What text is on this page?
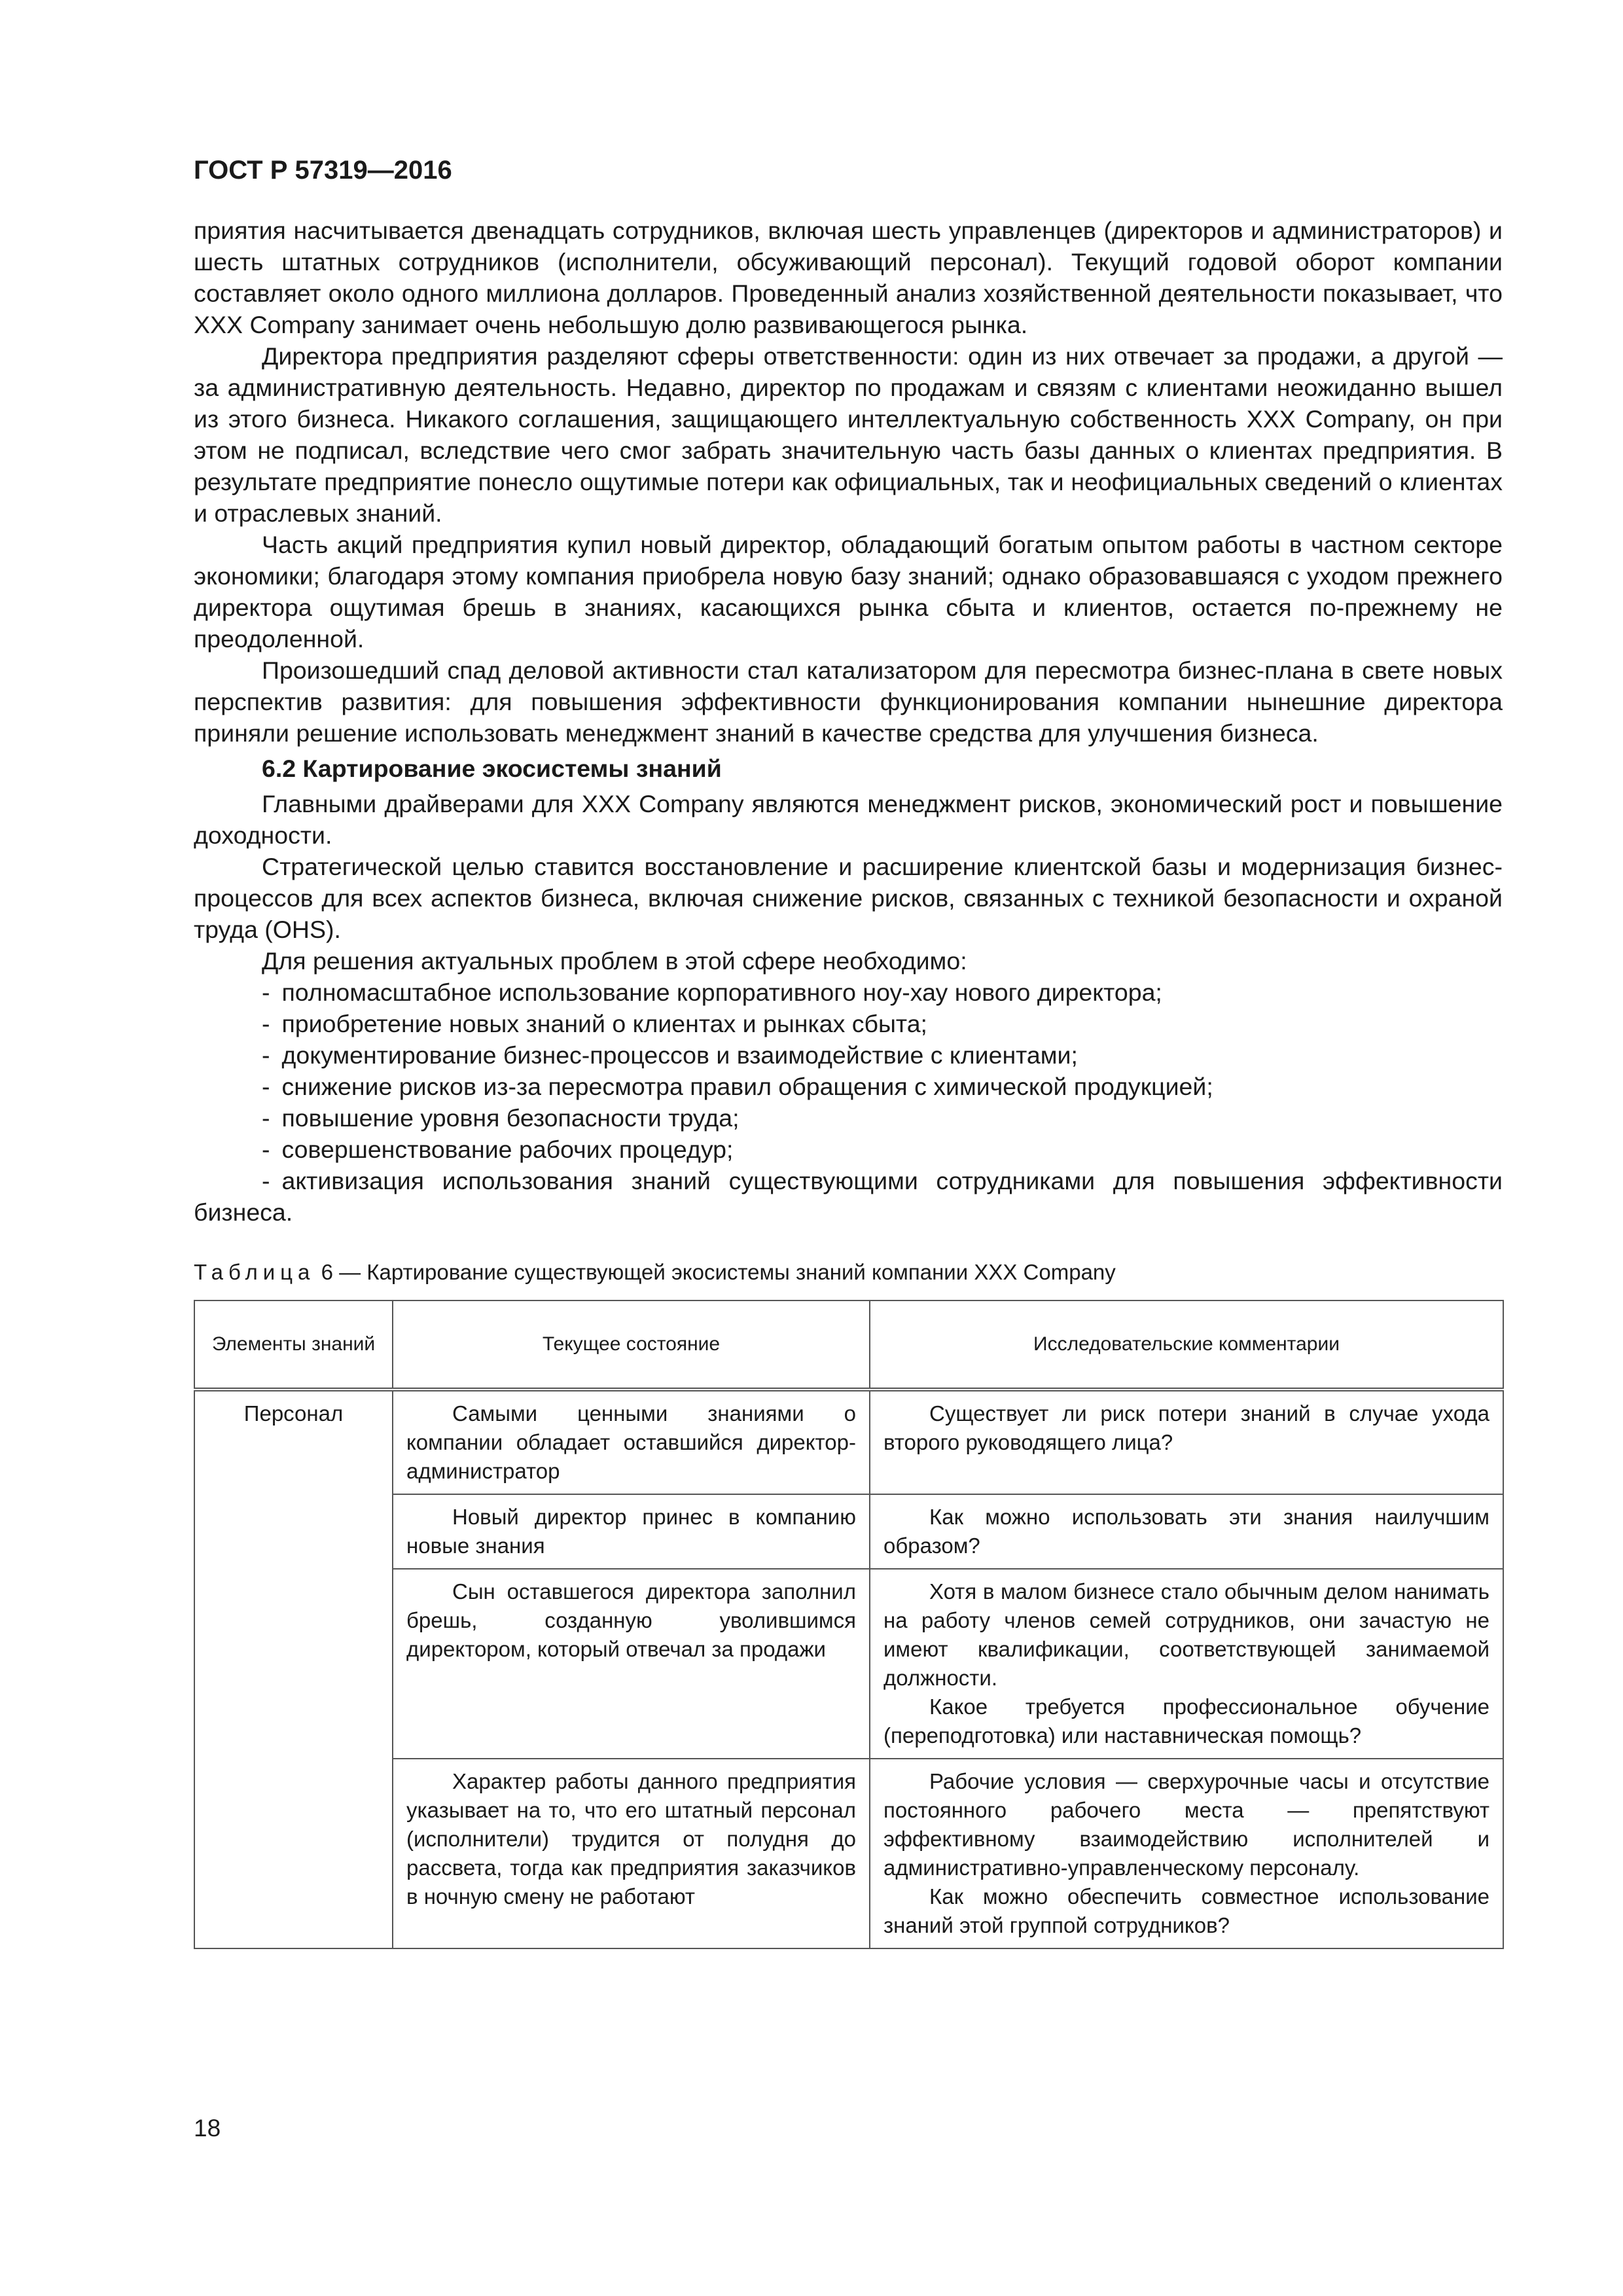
ГОСТ Р 57319—2016

приятия насчитывается двенадцать сотрудников, включая шесть управленцев (директоров и администраторов) и шесть штатных сотрудников (исполнители, обсуживающий персонал). Текущий годовой оборот компании составляет около одного миллиона долларов. Проведенный анализ хозяйственной деятельности показывает, что XXX Company занимает очень небольшую долю развивающегося рынка.

Директора предприятия разделяют сферы ответственности: один из них отвечает за продажи, а другой — за административную деятельность. Недавно, директор по продажам и связям с клиентами неожиданно вышел из этого бизнеса. Никакого соглашения, защищающего интеллектуальную собственность XXX Company, он при этом не подписал, вследствие чего смог забрать значительную часть базы данных о клиентах предприятия. В результате предприятие понесло ощутимые потери как официальных, так и неофициальных сведений о клиентах и отраслевых знаний.

Часть акций предприятия купил новый директор, обладающий богатым опытом работы в частном секторе экономики; благодаря этому компания приобрела новую базу знаний; однако образовавшаяся с уходом прежнего директора ощутимая брешь в знаниях, касающихся рынка сбыта и клиентов, остается по-прежнему не преодоленной.

Произошедший спад деловой активности стал катализатором для пересмотра бизнес-плана в свете новых перспектив развития: для повышения эффективности функционирования компании нынешние директора приняли решение использовать менеджмент знаний в качестве средства для улучшения бизнеса.

6.2 Картирование экосистемы знаний

Главными драйверами для XXX Company являются менеджмент рисков, экономический рост и повышение доходности.

Стратегической целью ставится восстановление и расширение клиентской базы и модернизация бизнес-процессов для всех аспектов бизнеса, включая снижение рисков, связанных с техникой безопасности и охраной труда (OHS).

Для решения актуальных проблем в этой сфере необходимо:

- полномасштабное использование корпоративного ноу-хау нового директора;
- приобретение новых знаний о клиентах и рынках сбыта;
- документирование бизнес-процессов и взаимодействие с клиентами;
- снижение рисков из-за пересмотра правил обращения с химической продукцией;
- повышение уровня безопасности труда;
- совершенствование рабочих процедур;
- активизация использования знаний существующими сотрудниками для повышения эффективности бизнеса.
Таблица 6 — Картирование существующей экосистемы знаний компании XXX Company
Элементы знаний	Текущее состояние	Исследовательские комментарии
Персонал	Самыми ценными знаниями о компании обладает оставшийся директор-администратор	Существует ли риск потери знаний в случае ухода второго руководящего лица?

	Новый директор принес в компанию новые знания	Как можно использовать эти знания наилучшим образом?

	Сын оставшегося директора заполнил брешь, созданную уволившимся директором, который отвечал за продажи	Хотя в малом бизнесе стало обычным делом нанимать на работу членов семей сотрудников, они зачастую не имеют квалификации, соответствующей занимаемой должности.

Какое требуется профессиональное обучение (переподготовка) или наставническая помощь?

	Характер работы данного предприятия указывает на то, что его штатный персонал (исполнители) трудится от полудня до рассвета, тогда как предприятия заказчиков в ночную смену не работают	Рабочие условия — сверхурочные часы и отсутствие постоянного рабочего места — препятствуют эффективному взаимодействию исполнителей и административно-управленческому персоналу.

Как можно обеспечить совместное использование знаний этой группой сотрудников?

18
